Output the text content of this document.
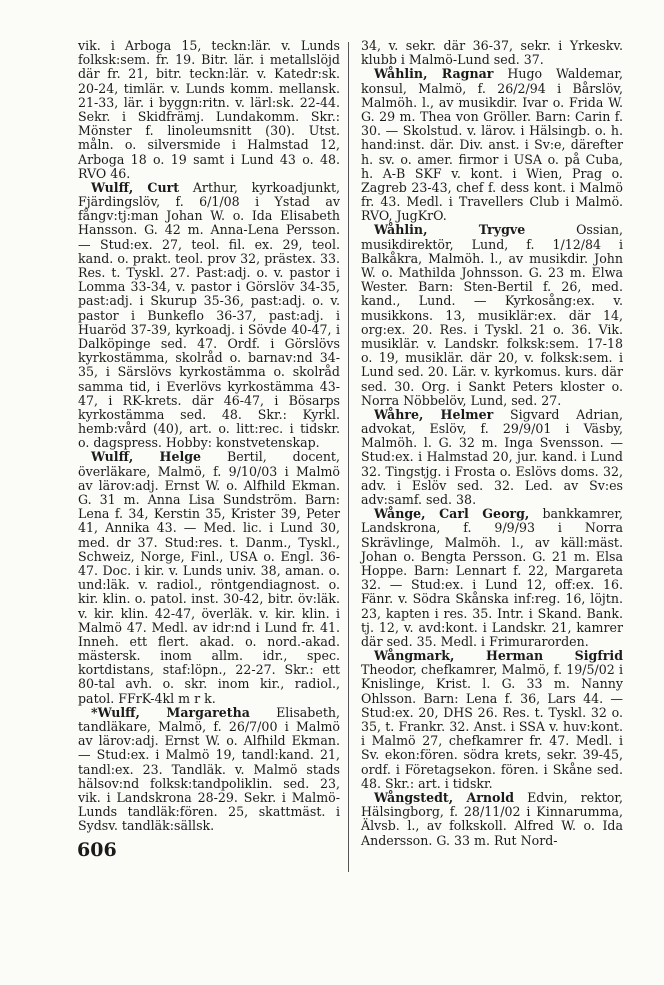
vik. i Arboga 15, teckn:lär. v. Lunds folksk:sem. fr. 19. Bitr. lär. i metallslöjd där fr. 21, bitr. teckn:lär. v. Katedr:sk. 20-24, timlär. v. Lunds komm. mellansk. 21-33, lär. i byggn:ritn. v. lärl:sk. 22-44. Sekr. i Skidfrämj. Lundakomm. Skr.: Mönster f. linoleumsnitt (30). Utst. måln. o. silversmide i Halmstad 12, Arboga 18 o. 19 samt i Lund 43 o. 48. RVO 46.

Wulff, Curt Arthur, kyrkoadjunkt, Fjärdingslöv, f. 6/1/08 i Ystad av fångv:tj:man Johan W. o. Ida Elisabeth Hansson. G. 42 m. Anna-Lena Persson. — Stud:ex. 27, teol. fil. ex. 29, teol. kand. o. prakt. teol. prov 32, prästex. 33. Res. t. Tyskl. 27. Past:adj. o. v. pastor i Lomma 33-34, v. pastor i Görslöv 34-35, past:adj. i Skurup 35-36, past:adj. o. v. pastor i Bunkeflo 36-37, past:adj. i Huaröd 37-39, kyrkoadj. i Sövde 40-47, i Dalköpinge sed. 47. Ordf. i Görslövs kyrkostämma, skolråd o. barnav:nd 34-35, i Särslövs kyrkostämma o. skolråd samma tid, i Everlövs kyrkostämma 43-47, i RK-krets. där 46-47, i Bösarps kyrkostämma sed. 48. Skr.: Kyrkl. hemb:vård (40), art. o. litt:rec. i tidskr. o. dagspress. Hobby: konstvetenskap.

Wulff, Helge Bertil, docent, överläkare, Malmö, f. 9/10/03 i Malmö av lärov:adj. Ernst W. o. Alfhild Ekman. G. 31 m. Anna Lisa Sundström. Barn: Lena f. 34, Kerstin 35, Krister 39, Peter 41, Annika 43. — Med. lic. i Lund 30, med. dr 37. Stud:res. t. Danm., Tyskl., Schweiz, Norge, Finl., USA o. Engl. 36-47. Doc. i kir. v. Lunds univ. 38, aman. o. und:läk. v. radiol., röntgendiagnost. o. kir. klin. o. patol. inst. 30-42, bitr. öv:läk. v. kir. klin. 42-47, överläk. v. kir. klin. i Malmö 47. Medl. av idr:nd i Lund fr. 41. Inneh. ett flert. akad. o. nord.-akad. mästersk. inom allm. idr., spec. kortdistans, staf:löpn., 22-27. Skr.: ett 80-tal avh. o. skr. inom kir., radiol., patol. FFrK-4kl m r k.

*Wulff, Margaretha Elisabeth, tandläkare, Malmö, f. 26/7/00 i Malmö av lärov:adj. Ernst W. o. Alfhild Ekman. — Stud:ex. i Malmö 19, tandl:kand. 21, tandl:ex. 23. Tandläk. v. Malmö stads hälsov:nd folksk:tandpoliklin. sed. 23, vik. i Landskrona 28-29. Sekr. i Malmö-Lunds tandläk:fören. 25, skattmäst. i Sydsv. tandläk:sällsk.

34, v. sekr. där 36-37, sekr. i Yrkeskv. klubb i Malmö-Lund sed. 37.

Wåhlin, Ragnar Hugo Waldemar, konsul, Malmö, f. 26/2/94 i Bårslöv, Malmöh. l., av musikdir. Ivar o. Frida W. G. 29 m. Thea von Gröller. Barn: Carin f. 30. — Skolstud. v. lärov. i Hälsingb. o. h. hand:inst. där. Div. anst. i Sv:e, därefter h. sv. o. amer. firmor i USA o. på Cuba, h. A-B SKF v. kont. i Wien, Prag o. Zagreb 23-43, chef f. dess kont. i Malmö fr. 43. Medl. i Travellers Club i Malmö. RVO, JugKrO.

Wåhlin, Trygve Ossian, musikdirektör, Lund, f. 1/12/84 i Balkåkra, Malmöh. l., av musikdir. John W. o. Mathilda Johnsson. G. 23 m. Elwa Wester. Barn: Sten-Bertil f. 26, med. kand., Lund. — Kyrkosång:ex. v. musikkons. 13, musiklär:ex. där 14, org:ex. 20. Res. i Tyskl. 21 o. 36. Vik. musiklär. v. Landskr. folksk:sem. 17-18 o. 19, musiklär. där 20, v. folksk:sem. i Lund sed. 20. Lär. v. kyrkomus. kurs. där sed. 30. Org. i Sankt Peters kloster o. Norra Nöbbelöv, Lund, sed. 27.

Wåhre, Helmer Sigvard Adrian, advokat, Eslöv, f. 29/9/01 i Väsby, Malmöh. l. G. 32 m. Inga Svensson. — Stud:ex. i Halmstad 20, jur. kand. i Lund 32. Tingstjg. i Frosta o. Eslövs doms. 32, adv. i Eslöv sed. 32. Led. av Sv:es adv:samf. sed. 38.

Wånge, Carl Georg, bankkamrer, Landskrona, f. 9/9/93 i Norra Skrävlinge, Malmöh. l., av käll:mäst. Johan o. Bengta Persson. G. 21 m. Elsa Hoppe. Barn: Lennart f. 22, Margareta 32. — Stud:ex. i Lund 12, off:ex. 16. Fänr. v. Södra Skånska inf:reg. 16, löjtn. 23, kapten i res. 35. Intr. i Skand. Bank. tj. 12, v. avd:kont. i Landskr. 21, kamrer där sed. 35. Medl. i Frimurarorden.

Wångmark, Herman Sigfrid Theodor, chefkamrer, Malmö, f. 19/5/02 i Knislinge, Krist. l. G. 33 m. Nanny Ohlsson. Barn: Lena f. 36, Lars 44. — Stud:ex. 20, DHS 26. Res. t. Tyskl. 32 o. 35, t. Frankr. 32. Anst. i SSA v. huv:kont. i Malmö 27, chefkamrer fr. 47. Medl. i Sv. ekon:fören. södra krets, sekr. 39-45, ordf. i Företagsekon. fören. i Skåne sed. 48. Skr.: art. i tidskr.

Wångstedt, Arnold Edvin, rektor, Hälsingborg, f. 28/11/02 i Kinnarumma, Älvsb. l., av folkskoll. Alfred W. o. Ida Andersson. G. 33 m. Rut Nord-

606
